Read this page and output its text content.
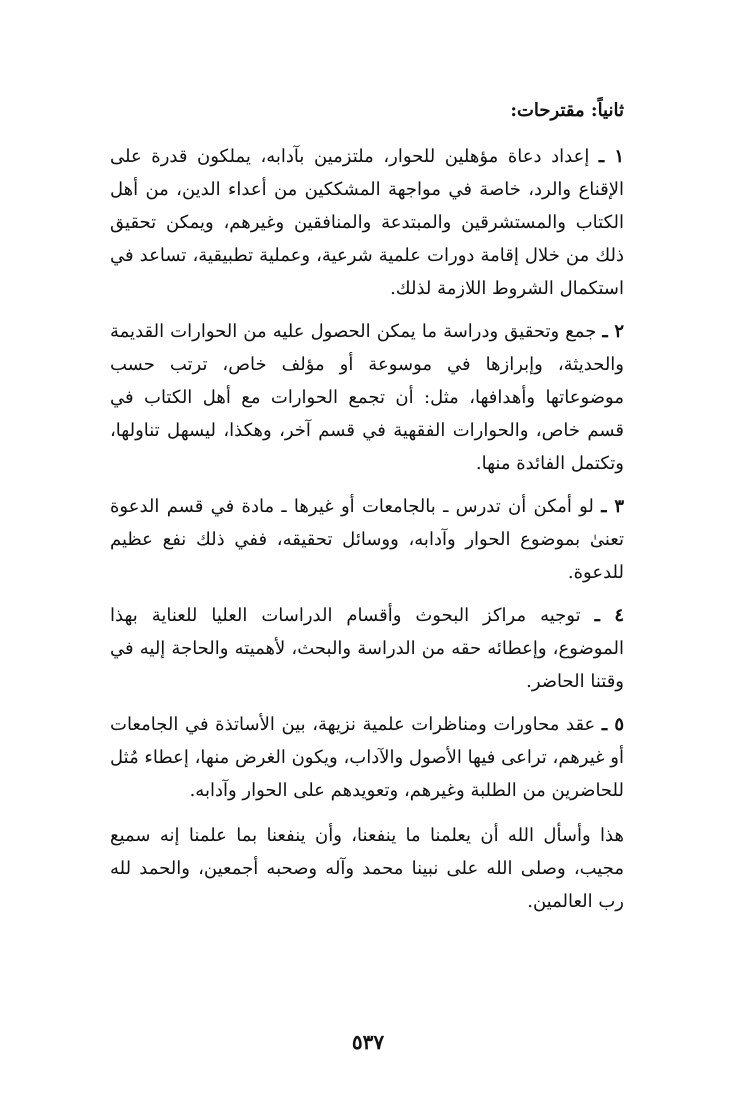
ثانياً: مقترحات:

١ ـ إعداد دعاة مؤهلين للحوار، ملتزمين بآدابه، يملكون قدرة على الإقناع والرد، خاصة في مواجهة المشككين من أعداء الدين، من أهل الكتاب والمستشرقين والمبتدعة والمنافقين وغيرهم، ويمكن تحقيق ذلك من خلال إقامة دورات علمية شرعية، وعملية تطبيقية، تساعد في استكمال الشروط اللازمة لذلك.

٢ ـ جمع وتحقيق ودراسة ما يمكن الحصول عليه من الحوارات القديمة والحديثة، وإبرازها في موسوعة أو مؤلف خاص، ترتب حسب موضوعاتها وأهدافها، مثل: أن تجمع الحوارات مع أهل الكتاب في قسم خاص، والحوارات الفقهية في قسم آخر، وهكذا، ليسهل تناولها، وتكتمل الفائدة منها.

٣ ـ لو أمكن أن تدرس ـ بالجامعات أو غيرها ـ مادة في قسم الدعوة تعنىٰ بموضوع الحوار وآدابه، ووسائل تحقيقه، ففي ذلك نفع عظيم للدعوة.

٤ ـ توجيه مراكز البحوث وأقسام الدراسات العليا للعناية بهذا الموضوع، وإعطائه حقه من الدراسة والبحث، لأهميته والحاجة إليه في وقتنا الحاضر.

٥ ـ عقد محاورات ومناظرات علمية نزيهة، بين الأساتذة في الجامعات أو غيرهم، تراعى فيها الأصول والآداب، ويكون الغرض منها، إعطاء مُثل للحاضرين من الطلبة وغيرهم، وتعويدهم على الحوار وآدابه.

هذا وأسأل الله أن يعلمنا ما ينفعنا، وأن ينفعنا بما علمنا إنه سميع مجيب، وصلى الله على نبينا محمد وآله وصحبه أجمعين، والحمد لله رب العالمين.

٥٣٧
